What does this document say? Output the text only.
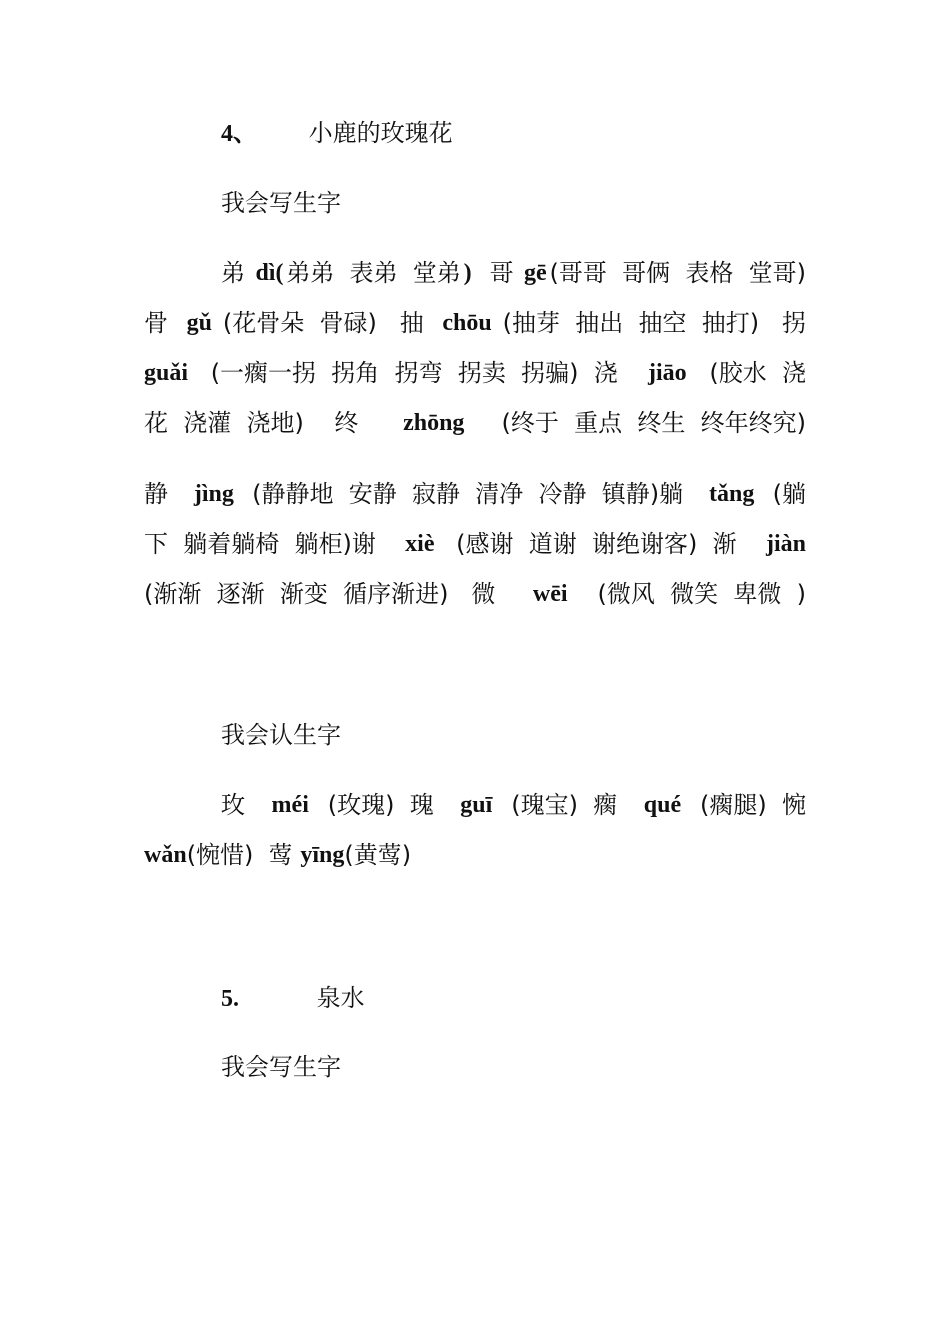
4、 小鹿的玫瑰花
我会写生字
弟 dì( 弟弟  表弟  堂弟 ) 哥 gē (哥哥  哥俩  表格  堂哥)
骨 gǔ (花骨朵  骨碌)   抽 chōu (抽芽  抽出  抽空  抽打)   拐
guǎi (一瘸一拐  拐角  拐弯  拐卖  拐骗)  浇 jiāo (胶水  浇
花  浇灌  浇地)    终 zhōng (终于  重点  终生  终年终究)
静 jìng (静静地  安静  寂静  清净  冷静  镇静)躺 tǎng (躺
下  躺着躺椅  躺柜)谢 xiè (感谢  道谢  谢绝谢客)  渐 jiàn
(渐渐  逐渐  渐变  循序渐进)   微 wēi (微风  微笑  卑微  )
我会认生字
玫 méi (玫瑰)  瑰 guī (瑰宝)  瘸 qué (瘸腿)  惋
wǎn (惋惜)  莺 yīng (黄莺)
5.	泉水
我会写生字
